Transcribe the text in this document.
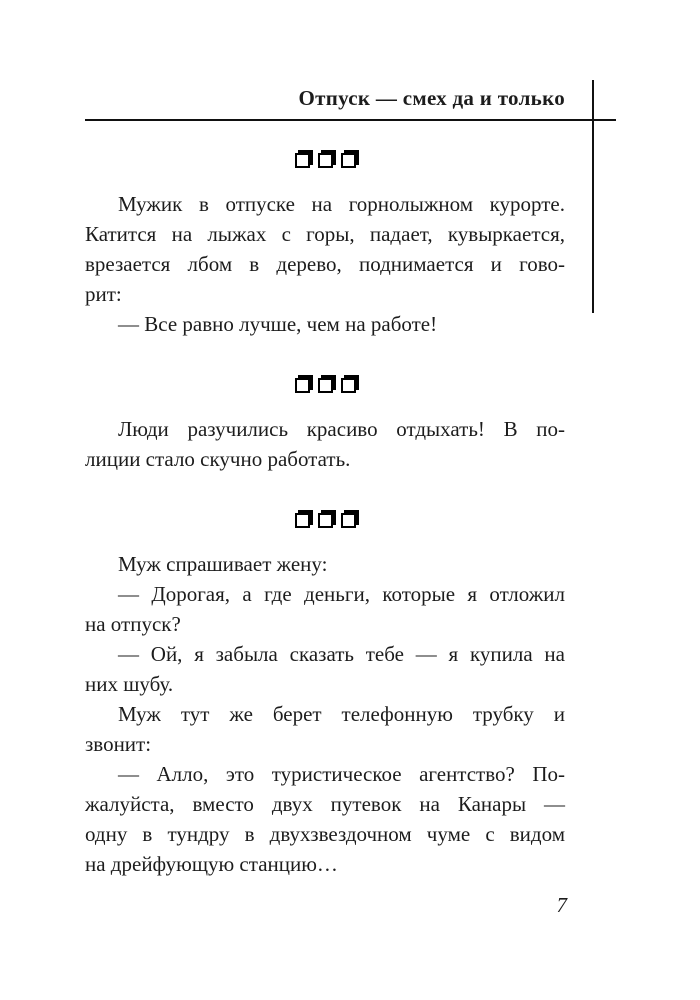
Отпуск — смех да и только
Мужик в отпуске на горнолыжном курорте.
Катится на лыжах с горы, падает, кувыркается,
врезается лбом в дерево, поднимается и гово-
рит:
— Все равно лучше, чем на работе!
Люди разучились красиво отдыхать! В по-
лиции стало скучно работать.
Муж спрашивает жену:
— Дорогая, а где деньги, которые я отложил
на отпуск?
— Ой, я забыла сказать тебе — я купила на
них шубу.
Муж тут же берет телефонную трубку и
звонит:
— Алло, это туристическое агентство? По-
жалуйста, вместо двух путевок на Канары —
одну в тундру в двухзвездочном чуме с видом
на дрейфующую станцию…
7
